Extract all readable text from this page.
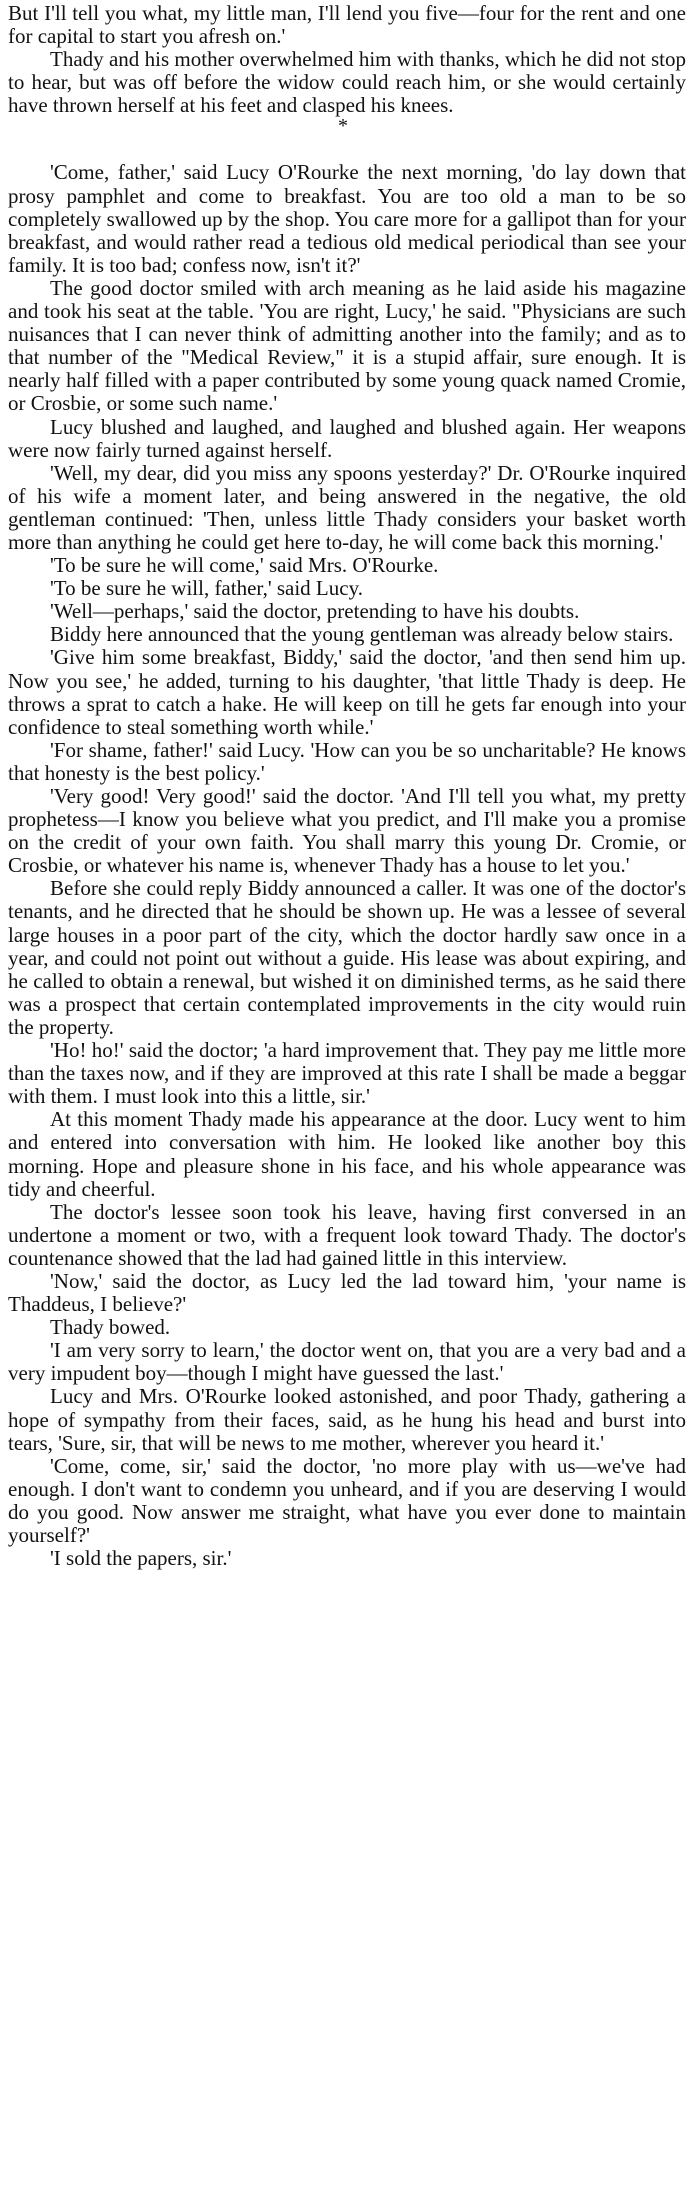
But I'll tell you what, my little man, I'll lend you five—four for the rent and one for capital to start you afresh on.'

Thady and his mother overwhelmed him with thanks, which he did not stop to hear, but was off before the widow could reach him, or she would certainly have thrown herself at his feet and clasped his knees.

*

'Come, father,' said Lucy O'Rourke the next morning, 'do lay down that prosy pamphlet and come to breakfast. You are too old a man to be so completely swallowed up by the shop. You care more for a gallipot than for your breakfast, and would rather read a tedious old medical periodical than see your family. It is too bad; confess now, isn't it?'

The good doctor smiled with arch meaning as he laid aside his magazine and took his seat at the table. 'You are right, Lucy,' he said. "Physicians are such nuisances that I can never think of admitting another into the family; and as to that number of the "Medical Review," it is a stupid affair, sure enough. It is nearly half filled with a paper contributed by some young quack named Cromie, or Crosbie, or some such name.'

Lucy blushed and laughed, and laughed and blushed again. Her weapons were now fairly turned against herself.

'Well, my dear, did you miss any spoons yesterday?' Dr. O'Rourke inquired of his wife a moment later, and being answered in the negative, the old gentleman continued: 'Then, unless little Thady considers your basket worth more than anything he could get here to-day, he will come back this morning.'

'To be sure he will come,' said Mrs. O'Rourke.

'To be sure he will, father,' said Lucy.

'Well—perhaps,' said the doctor, pretending to have his doubts.

Biddy here announced that the young gentleman was already below stairs.

'Give him some breakfast, Biddy,' said the doctor, 'and then send him up. Now you see,' he added, turning to his daughter, 'that little Thady is deep. He throws a sprat to catch a hake. He will keep on till he gets far enough into your confidence to steal something worth while.'

'For shame, father!' said Lucy. 'How can you be so uncharitable? He knows that honesty is the best policy.'

'Very good! Very good!' said the doctor. 'And I'll tell you what, my pretty prophetess—I know you believe what you predict, and I'll make you a promise on the credit of your own faith. You shall marry this young Dr. Cromie, or Crosbie, or whatever his name is, whenever Thady has a house to let you.'

Before she could reply Biddy announced a caller. It was one of the doctor's tenants, and he directed that he should be shown up. He was a lessee of several large houses in a poor part of the city, which the doctor hardly saw once in a year, and could not point out without a guide. His lease was about expiring, and he called to obtain a renewal, but wished it on diminished terms, as he said there was a prospect that certain contemplated improvements in the city would ruin the property.

'Ho! ho!' said the doctor; 'a hard improvement that. They pay me little more than the taxes now, and if they are improved at this rate I shall be made a beggar with them. I must look into this a little, sir.'

At this moment Thady made his appearance at the door. Lucy went to him and entered into conversation with him. He looked like another boy this morning. Hope and pleasure shone in his face, and his whole appearance was tidy and cheerful.

The doctor's lessee soon took his leave, having first conversed in an undertone a moment or two, with a frequent look toward Thady. The doctor's countenance showed that the lad had gained little in this interview.

'Now,' said the doctor, as Lucy led the lad toward him, 'your name is Thaddeus, I believe?'

Thady bowed.

'I am very sorry to learn,' the doctor went on, that you are a very bad and a very impudent boy—though I might have guessed the last.'

Lucy and Mrs. O'Rourke looked astonished, and poor Thady, gathering a hope of sympathy from their faces, said, as he hung his head and burst into tears, 'Sure, sir, that will be news to me mother, wherever you heard it.'

'Come, come, sir,' said the doctor, 'no more play with us—we've had enough. I don't want to condemn you unheard, and if you are deserving I would do you good. Now answer me straight, what have you ever done to maintain yourself?'

'I sold the papers, sir.'
